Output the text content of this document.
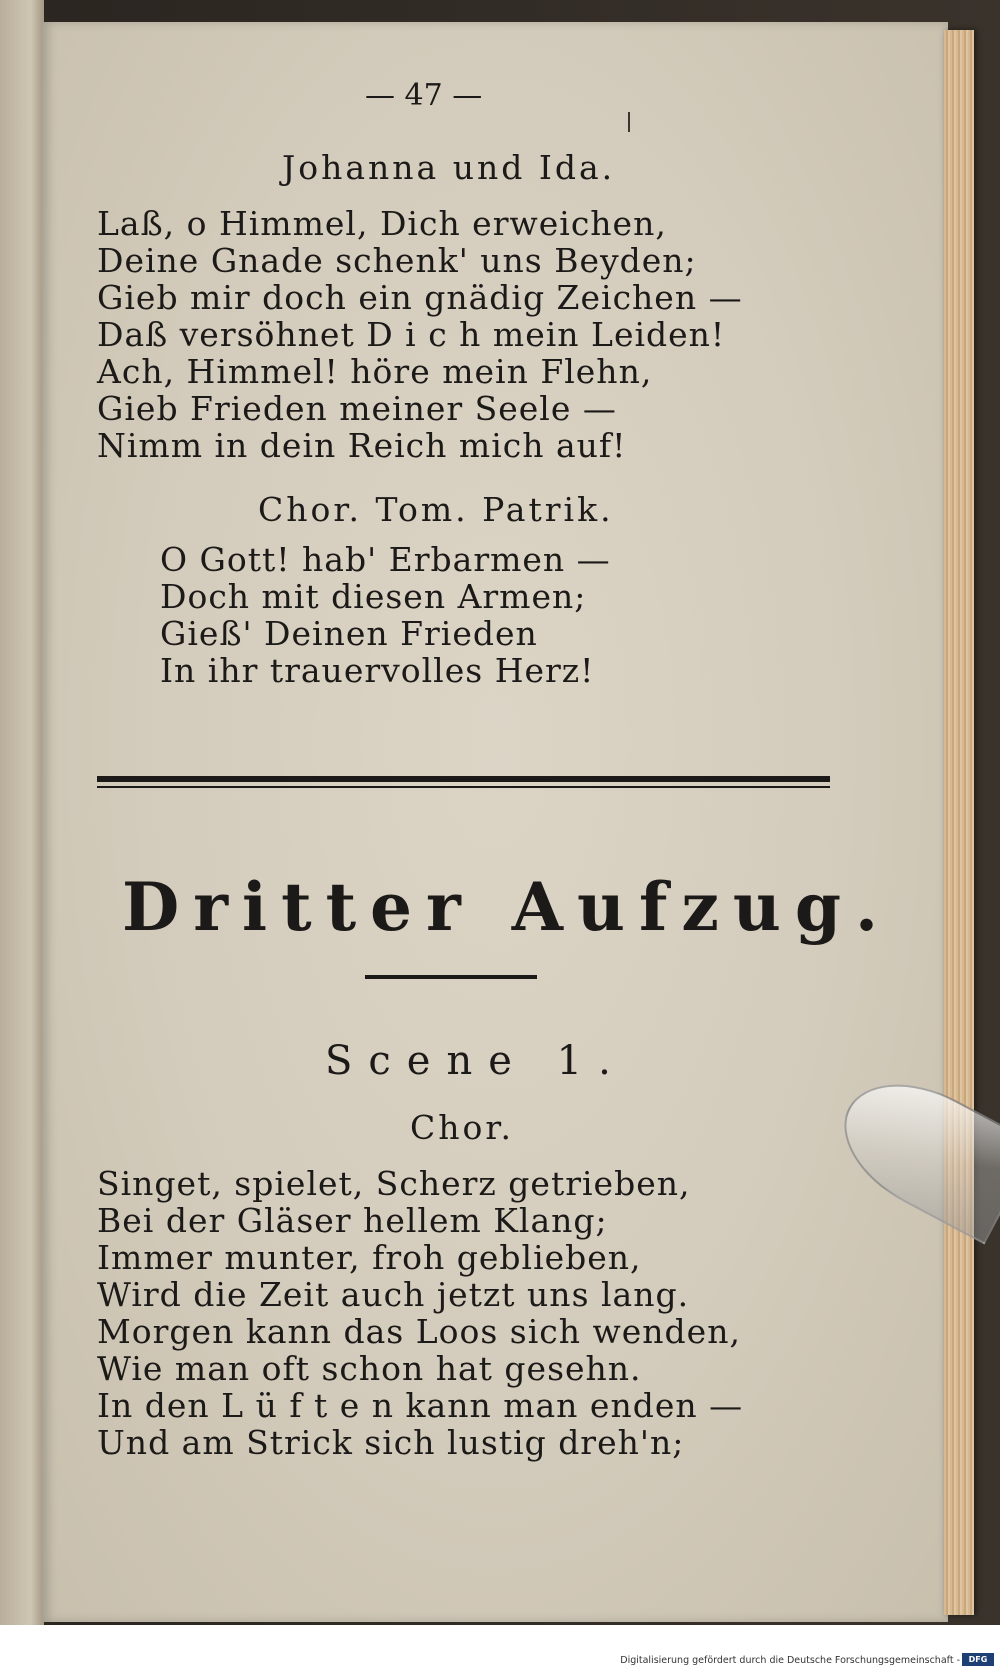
— 47 —
Johanna und Ida.
Laß, o Himmel, Dich erweichen,
Deine Gnade schenk' uns Beyden;
Gieb mir doch ein gnädig Zeichen —
Daß versöhnet D i c h mein Leiden!
Ach, Himmel! höre mein Flehn,
Gieb Frieden meiner Seele —
Nimm in dein Reich mich auf!
Chor. Tom. Patrik.
O Gott! hab' Erbarmen —
Doch mit diesen Armen;
Gieß' Deinen Frieden
In ihr trauervolles Herz!
Dritter Aufzug.
Scene 1.
Chor.
Singet, spielet, Scherz getrieben,
Bei der Gläser hellem Klang;
Immer munter, froh geblieben,
Wird die Zeit auch jetzt uns lang.
Morgen kann das Loos sich wenden,
Wie man oft schon hat gesehn.
In den L ü f t e n kann man enden —
Und am Strick sich lustig dreh'n;
Digitalisierung gefördert durch die Deutsche Forschungsgemeinschaft -	DFG
